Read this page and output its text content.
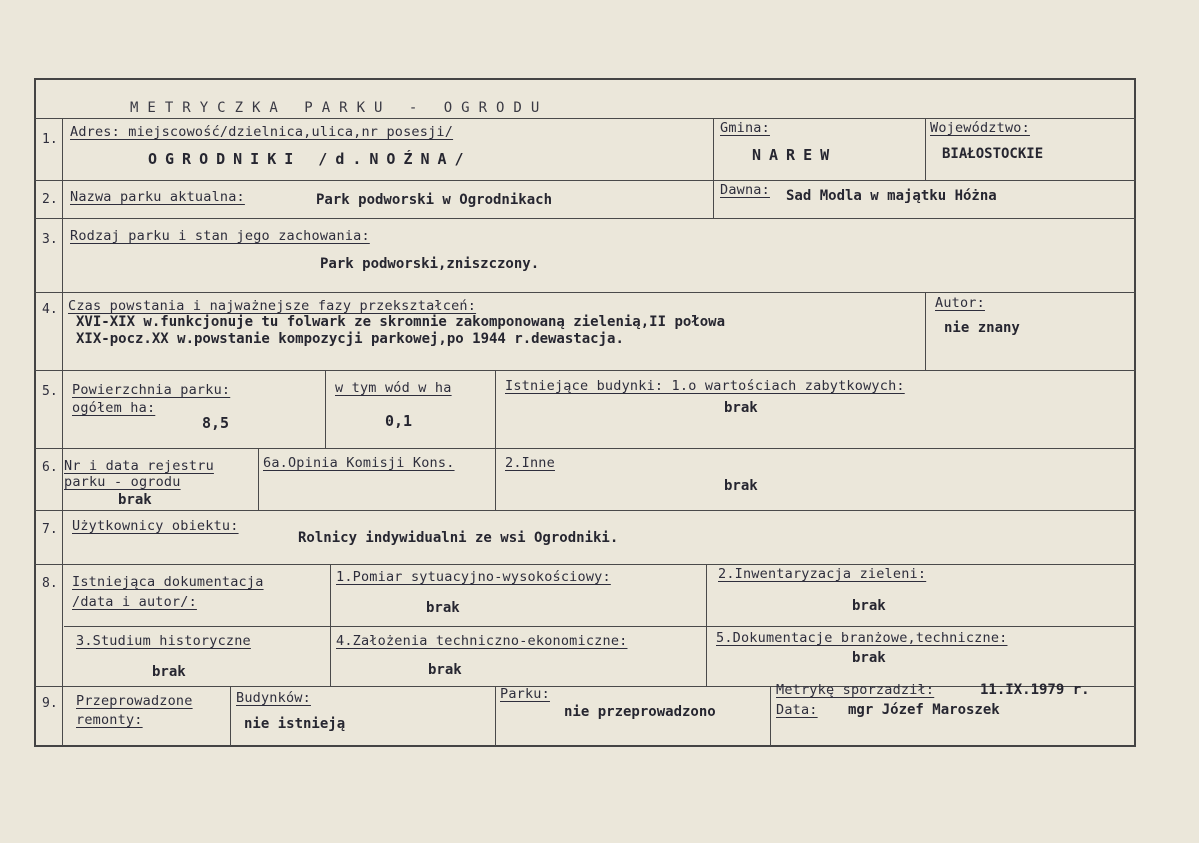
METRYCZKA PARKU - OGRODU
1. Adres: miejscowość/dzielnica,ulica,nr posesji/
OGRODNIKI /d.NOŹNA/
Gmina:
NAREW
Województwo:
BIAŁOSTOCKIE
2. Nazwa parku aktualna:	Park podworski w Ogrodnikach
Dawna: Sad Modla w majątku Hóżna
3. Rodzaj parku i stan jego zachowania:
Park podworski,zniszczony.
4. Czas powstania i najważnejsze fazy przekształceń:
XVI-XIX w.funkcjonuje tu folwark ze skromnie zakomponowaną zielenią,II połowa
XIX-pocz.XX w.powstanie kompozycji parkowej,po 1944 r.dewastacja.
Autor:
nie znany
5. Powierzchnia parku:
ogółem ha:
8,5
w tym wód w ha
0,1
Istniejące budynki: 1.o wartościach zabytkowych:
brak
6. Nr i data rejestru
parku - ogrodu
brak
6a.Opinia Komisji Kons.	2.Inne
brak
7. Użytkownicy obiektu:
Rolnicy indywidualni ze wsi Ogrodniki.
8. Istniejąca dokumentacja
/data i autor/:
1.Pomiar sytuacyjno-wysokościowy:
brak
2.Inwentaryzacja zieleni:
brak
3.Studium historyczne
brak
4.Założenia techniczno-ekonomiczne:
brak
5.Dokumentacje branżowe,techniczne:
brak
9. Przeprowadzone
remonty:
Budynków:
nie istnieją
Parku:
nie przeprowadzono
Metrykę sporzadził:	11.IX.1979 r.
Data: mgr Józef Maroszek
